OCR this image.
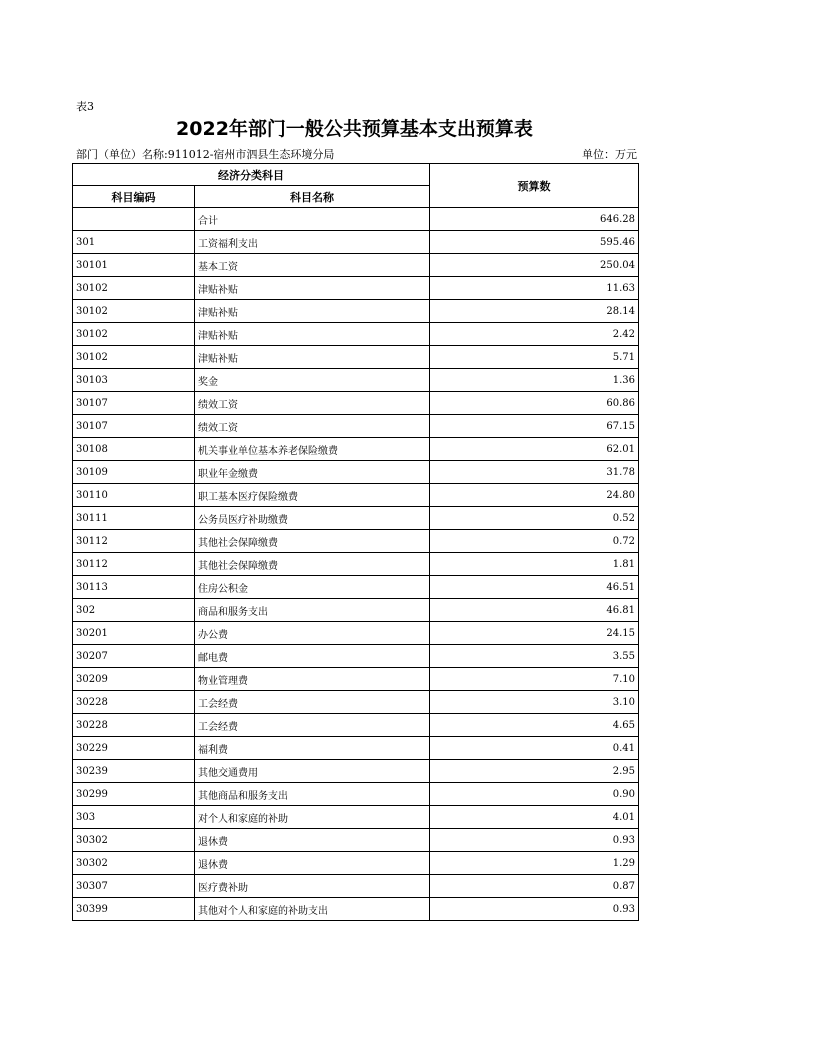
表3
2022年部门一般公共预算基本支出预算表
部门（单位）名称:911012-宿州市泗县生态环境分局	单位：万元
经济分类科目		预算数
科目编码	科目名称	
	合计	646.28
301	工资福利支出	595.46
30101	基本工资	250.04
30102	津贴补贴	11.63
30102	津贴补贴	28.14
30102	津贴补贴	2.42
30102	津贴补贴	5.71
30103	奖金	1.36
30107	绩效工资	60.86
30107	绩效工资	67.15
30108	机关事业单位基本养老保险缴费	62.01
30109	职业年金缴费	31.78
30110	职工基本医疗保险缴费	24.80
30111	公务员医疗补助缴费	0.52
30112	其他社会保障缴费	0.72
30112	其他社会保障缴费	1.81
30113	住房公积金	46.51
302	商品和服务支出	46.81
30201	办公费	24.15
30207	邮电费	3.55
30209	物业管理费	7.10
30228	工会经费	3.10
30228	工会经费	4.65
30229	福利费	0.41
30239	其他交通费用	2.95
30299	其他商品和服务支出	0.90
303	对个人和家庭的补助	4.01
30302	退休费	0.93
30302	退休费	1.29
30307	医疗费补助	0.87
30399	其他对个人和家庭的补助支出	0.93
